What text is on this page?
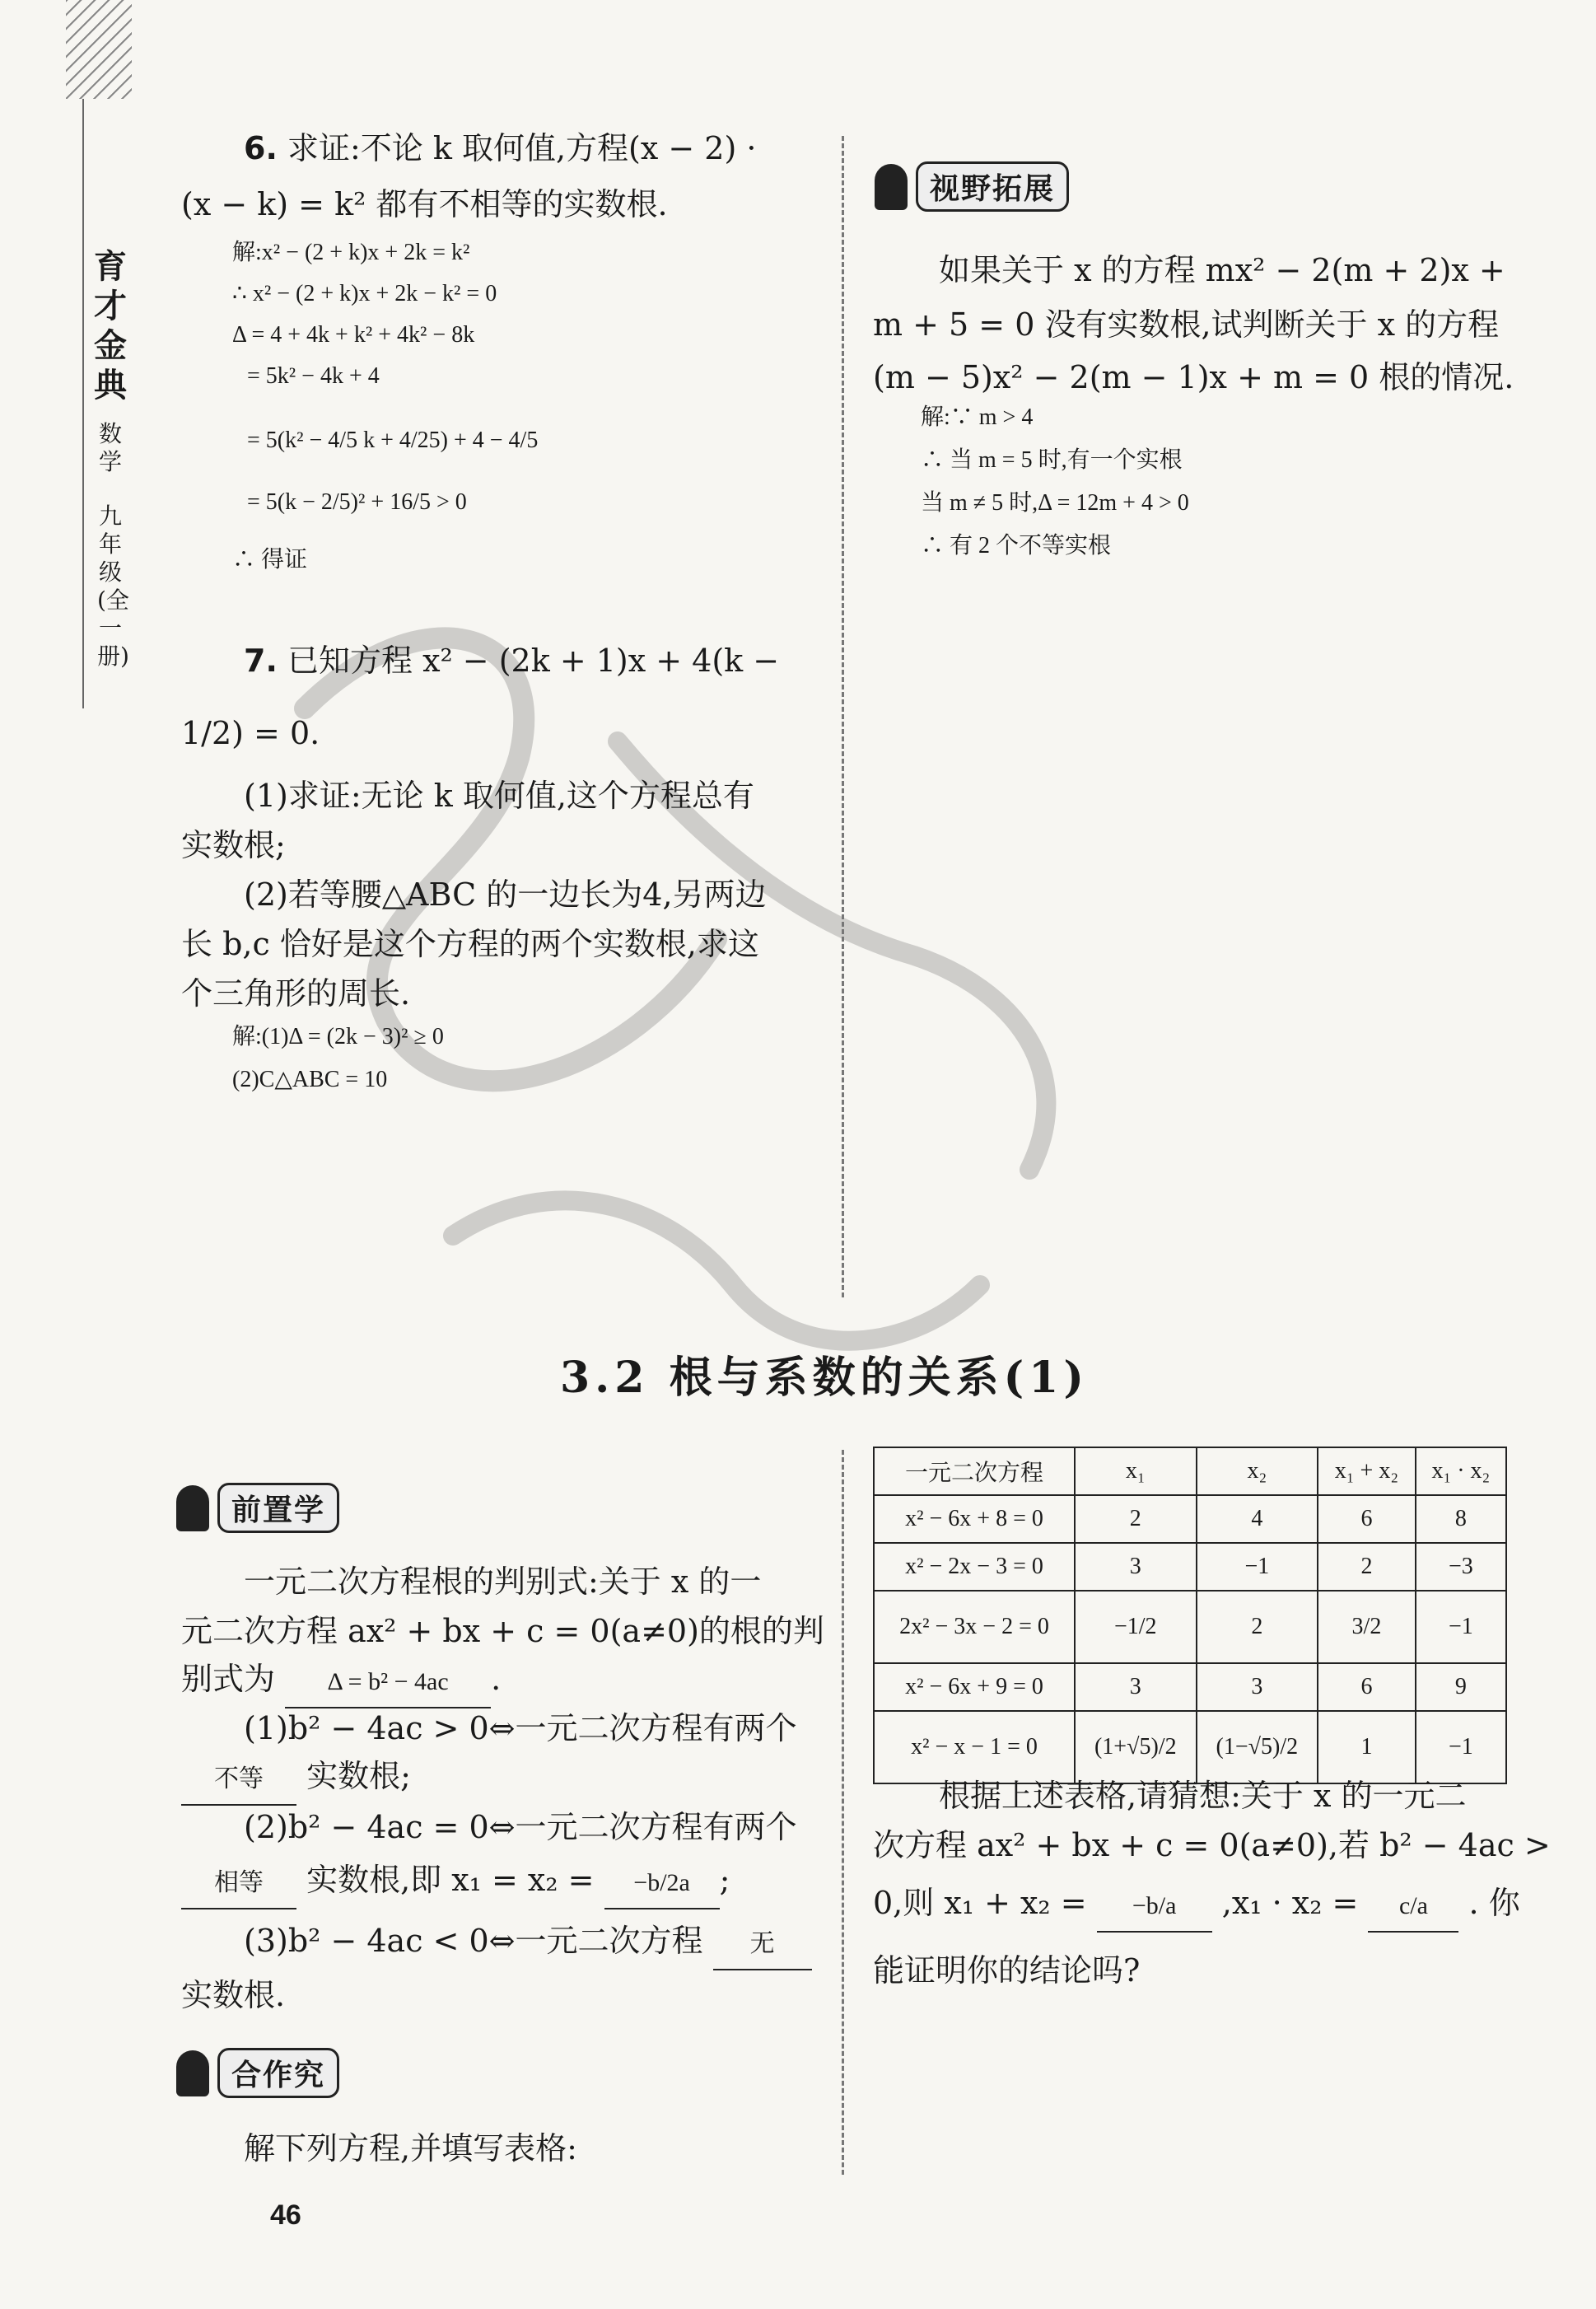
育才金典
数学
九年级(全一册)
6. 求证:不论 k 取何值,方程(x − 2) ·
(x − k) = k² 都有不相等的实数根.
解:x² − (2 + k)x + 2k = k²
∴ x² − (2 + k)x + 2k − k² = 0
Δ = 4 + 4k + k² + 4k² − 8k
= 5k² − 4k + 4
= 5(k² − 4/5 k + 4/25) + 4 − 4/5
= 5(k − 2/5)² + 16/5 > 0
∴ 得证
7. 已知方程 x² − (2k + 1)x + 4(k −
1/2) = 0.
(1)求证:无论 k 取何值,这个方程总有
实数根;
(2)若等腰△ABC 的一边长为4,另两边
长 b,c 恰好是这个方程的两个实数根,求这
个三角形的周长.
解:(1)Δ = (2k − 3)² ≥ 0
(2)C△ABC = 10
视野拓展
如果关于 x 的方程 mx² − 2(m + 2)x +
m + 5 = 0 没有实数根,试判断关于 x 的方程
(m − 5)x² − 2(m − 1)x + m = 0 根的情况.
解:∵ m > 4
∴ 当 m = 5 时,有一个实根
当 m ≠ 5 时,Δ = 12m + 4 > 0
∴ 有 2 个不等实根
3.2 根与系数的关系(1)
前置学
一元二次方程根的判别式:关于 x 的一
元二次方程 ax² + bx + c = 0(a≠0)的根的判
别式为 Δ = b² − 4ac .
(1)b² − 4ac > 0⇔一元二次方程有两个
不等 实数根;
(2)b² − 4ac = 0⇔一元二次方程有两个
相等 实数根,即 x₁ = x₂ = −b/2a ;
(3)b² − 4ac < 0⇔一元二次方程 无
实数根.
合作究
解下列方程,并填写表格:
一元二次方程	x₁	x₂	x₁ + x₂	x₁ · x₂
x² − 6x + 8 = 0	2	4	6	8
x² − 2x − 3 = 0	3	−1	2	−3
2x² − 3x − 2 = 0	−1/2	2	3/2	−1
x² − 6x + 9 = 0	3	3	6	9
x² − x − 1 = 0	(1+√5)/2	(1−√5)/2	1	−1
根据上述表格,请猜想:关于 x 的一元二
次方程 ax² + bx + c = 0(a≠0),若 b² − 4ac >
0,则 x₁ + x₂ = −b/a ,x₁ · x₂ = c/a . 你
能证明你的结论吗?
46
